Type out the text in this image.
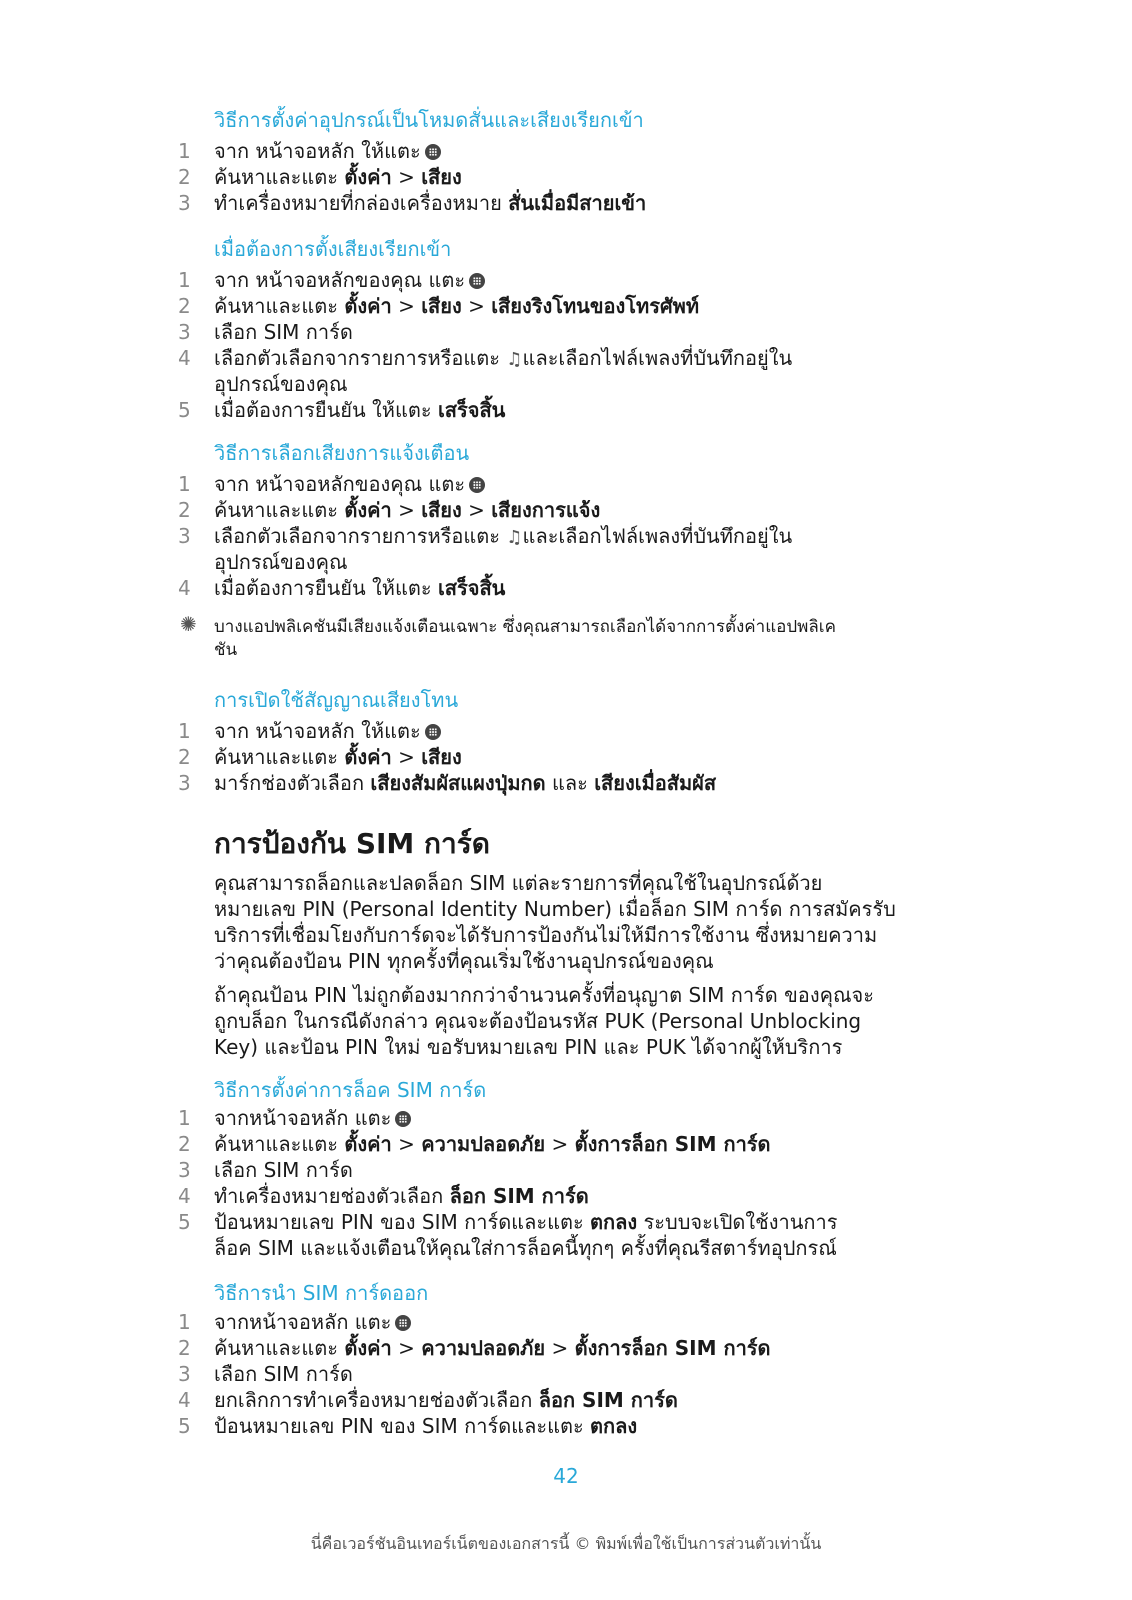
วิธีการตั้งค่าอุปกรณ์เป็นโหมดสั่นและเสียงเรียกเข้า
1	จาก หน้าจอหลัก ให้แตะ
2	ค้นหาและแตะ ตั้งค่า > เสียง
3	ทำเครื่องหมายที่กล่องเครื่องหมาย สั่นเมื่อมีสายเข้า
เมื่อต้องการตั้งเสียงเรียกเข้า
1	จาก หน้าจอหลักของคุณ แตะ
2	ค้นหาและแตะ ตั้งค่า > เสียง > เสียงริงโทนของโทรศัพท์
3	เลือก SIM การ์ด
4	เลือกตัวเลือกจากรายการหรือแตะ ♫และเลือกไฟล์เพลงที่บันทึกอยู่ใน
อุปกรณ์ของคุณ
5	เมื่อต้องการยืนยัน ให้แตะ เสร็จสิ้น
วิธีการเลือกเสียงการแจ้งเตือน
1	จาก หน้าจอหลักของคุณ แตะ
2	ค้นหาและแตะ ตั้งค่า > เสียง > เสียงการแจ้ง
3	เลือกตัวเลือกจากรายการหรือแตะ ♫และเลือกไฟล์เพลงที่บันทึกอยู่ใน
อุปกรณ์ของคุณ
4	เมื่อต้องการยืนยัน ให้แตะ เสร็จสิ้น
✺ บางแอปพลิเคชันมีเสียงแจ้งเตือนเฉพาะ ซึ่งคุณสามารถเลือกได้จากการตั้งค่าแอปพลิเค
ชัน
การเปิดใช้สัญญาณเสียงโทน
1	จาก หน้าจอหลัก ให้แตะ
2	ค้นหาและแตะ ตั้งค่า > เสียง
3	มาร์กช่องตัวเลือก เสียงสัมผัสแผงปุ่มกด และ เสียงเมื่อสัมผัส
การป้องกัน SIM การ์ด
คุณสามารถล็อกและปลดล็อก SIM แต่ละรายการที่คุณใช้ในอุปกรณ์ด้วย
หมายเลข PIN (Personal Identity Number) เมื่อล็อก SIM การ์ด การสมัครรับ
บริการที่เชื่อมโยงกับการ์ดจะได้รับการป้องกันไม่ให้มีการใช้งาน ซึ่งหมายความ
ว่าคุณต้องป้อน PIN ทุกครั้งที่คุณเริ่มใช้งานอุปกรณ์ของคุณ
ถ้าคุณป้อน PIN ไม่ถูกต้องมากกว่าจำนวนครั้งที่อนุญาต SIM การ์ด ของคุณจะ
ถูกบล็อก ในกรณีดังกล่าว คุณจะต้องป้อนรหัส PUK (Personal Unblocking
Key) และป้อน PIN ใหม่ ขอรับหมายเลข PIN และ PUK ได้จากผู้ให้บริการ
วิธีการตั้งค่าการล็อค SIM การ์ด
1	จากหน้าจอหลัก แตะ
2	ค้นหาและแตะ ตั้งค่า > ความปลอดภัย > ตั้งการล็อก SIM การ์ด
3	เลือก SIM การ์ด
4	ทำเครื่องหมายช่องตัวเลือก ล็อก SIM การ์ด
5	ป้อนหมายเลข PIN ของ SIM การ์ดและแตะ ตกลง ระบบจะเปิดใช้งานการ
ล็อค SIM และแจ้งเตือนให้คุณใส่การล็อคนี้ทุกๆ ครั้งที่คุณรีสตาร์ทอุปกรณ์
วิธีการนำ SIM การ์ดออก
1	จากหน้าจอหลัก แตะ
2	ค้นหาและแตะ ตั้งค่า > ความปลอดภัย > ตั้งการล็อก SIM การ์ด
3	เลือก SIM การ์ด
4	ยกเลิกการทำเครื่องหมายช่องตัวเลือก ล็อก SIM การ์ด
5	ป้อนหมายเลข PIN ของ SIM การ์ดและแตะ ตกลง
42
นี่คือเวอร์ชันอินเทอร์เน็ตของเอกสารนี้ © พิมพ์เพื่อใช้เป็นการส่วนตัวเท่านั้น
